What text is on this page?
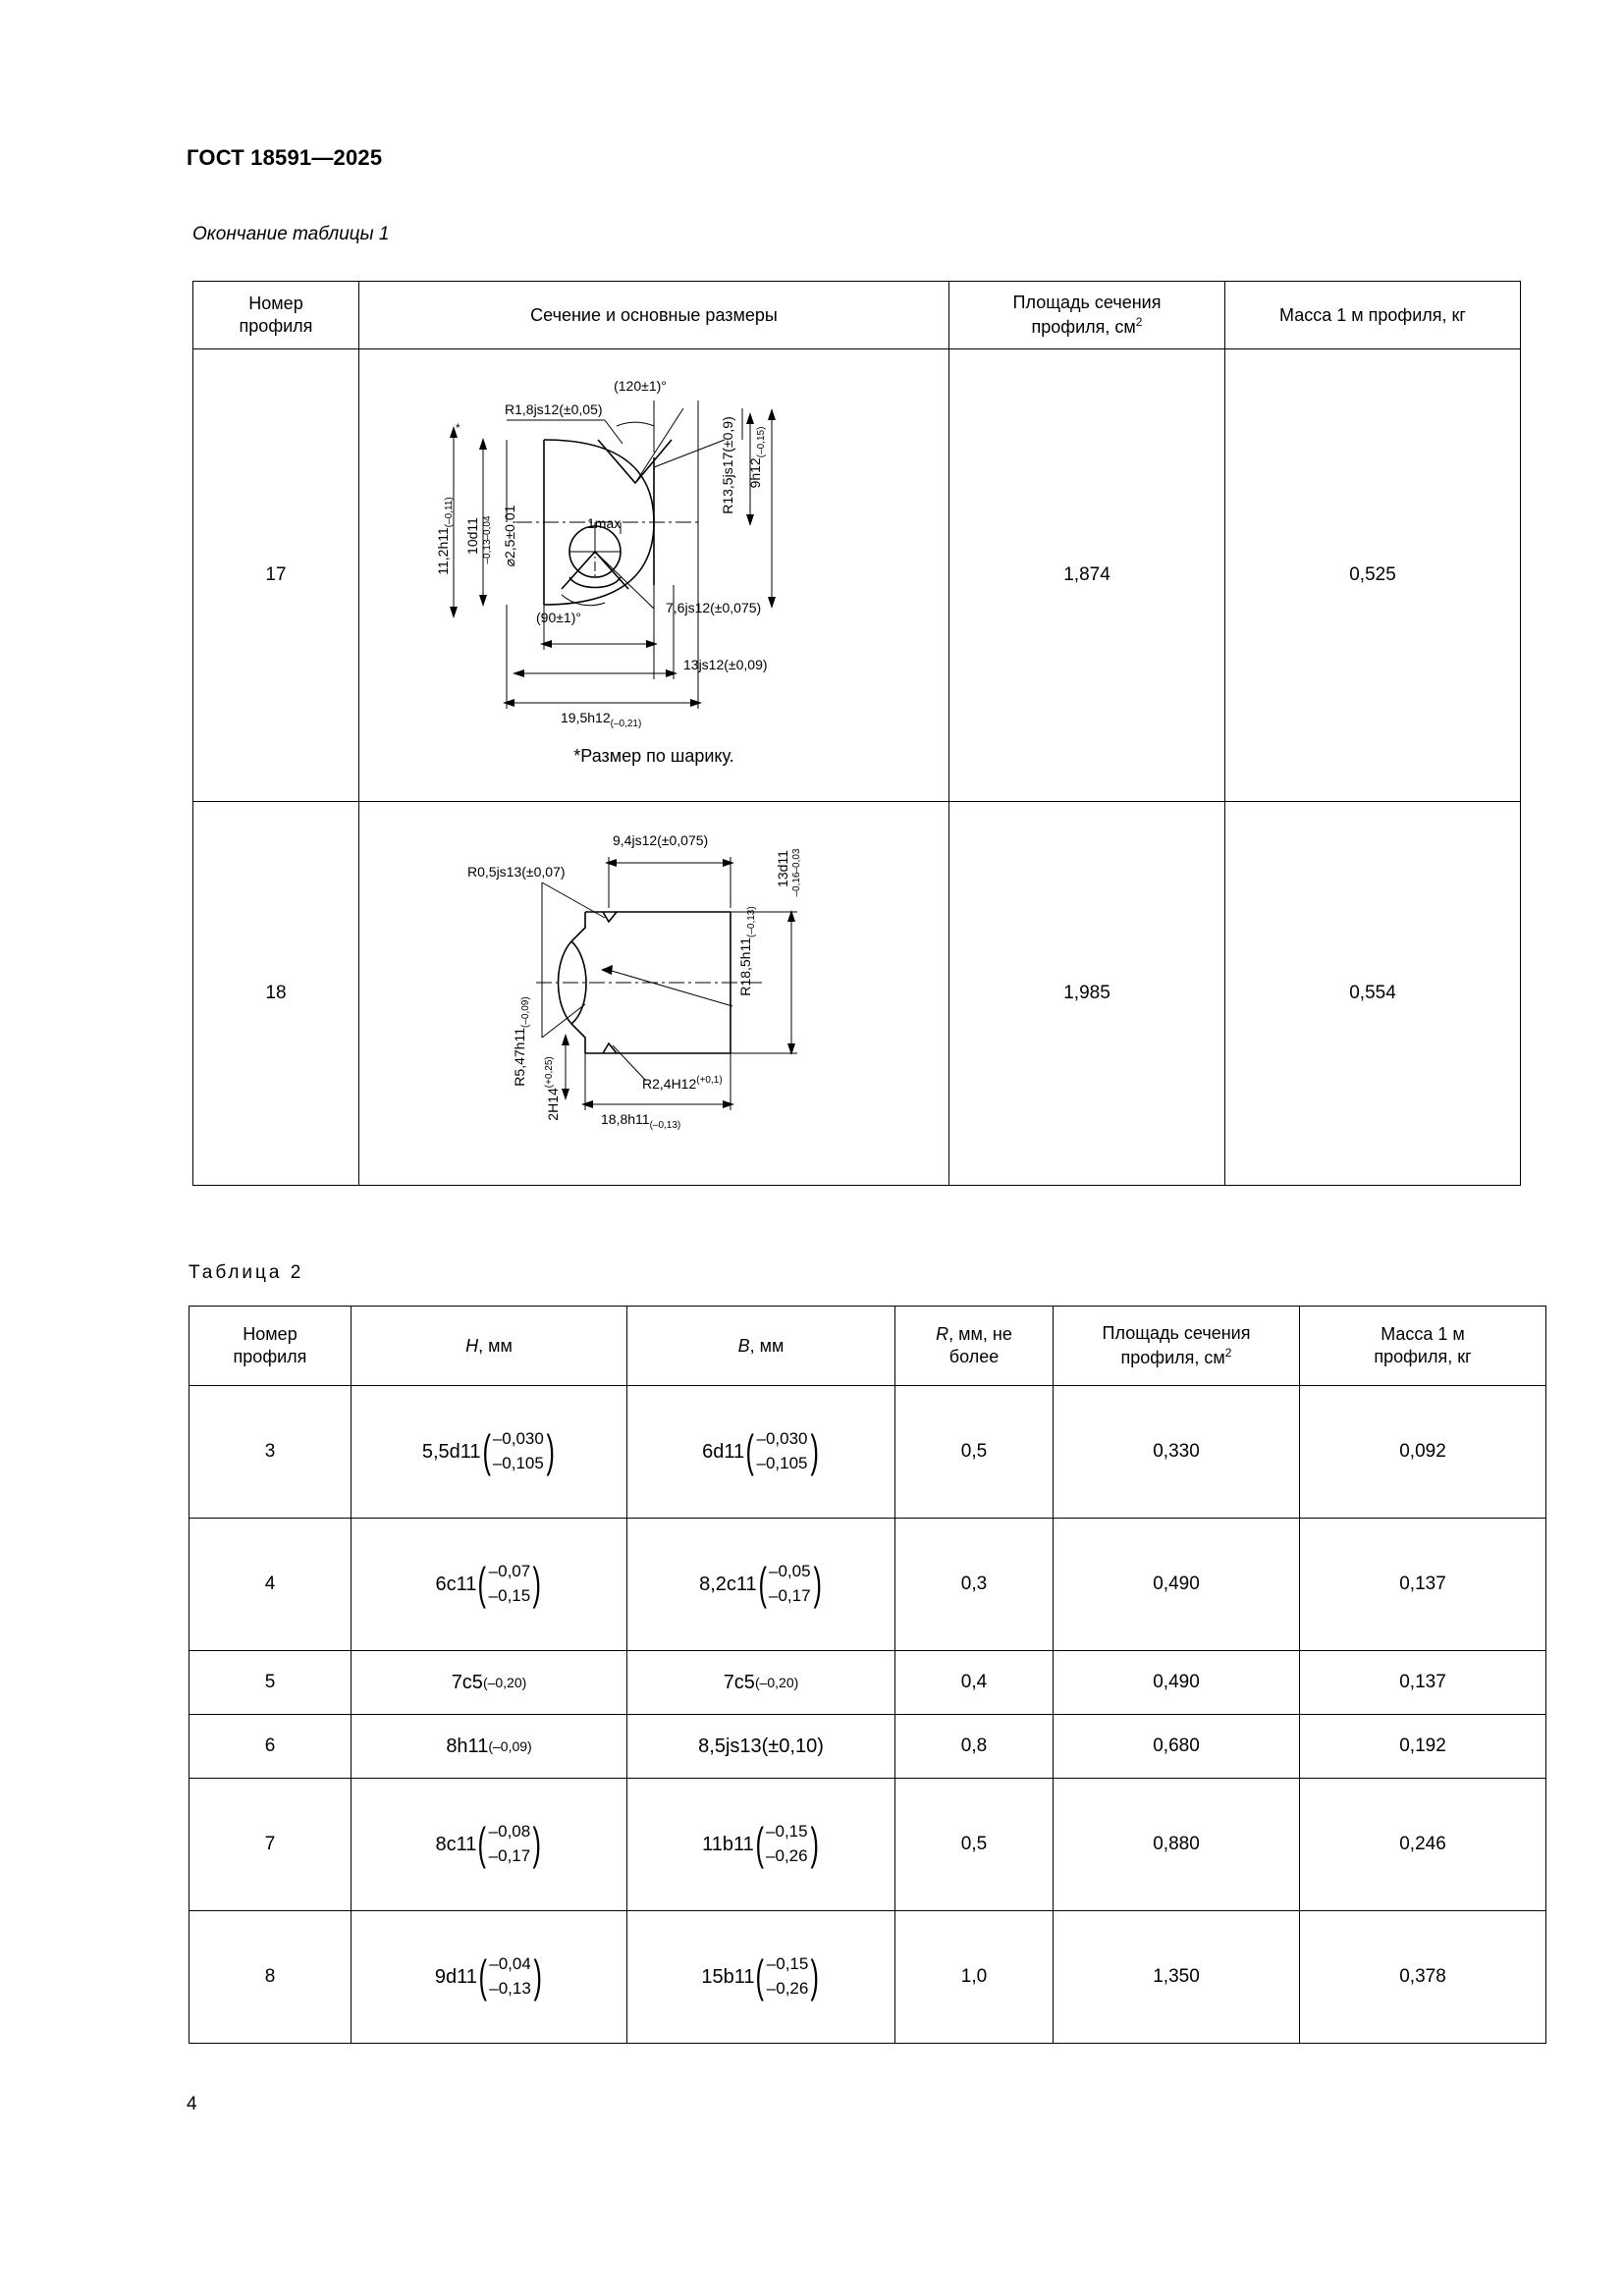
ГОСТ 18591—2025
Окончание таблицы 1
Номер
профиля	Сечение и основные размеры	Площадь сечения
профиля, $см^2$	Масса 1 м профиля, кг
17	
(120±1)°
R1,8js12(±0,05)
R13,5js17(±0,9) $9h12_{(-0,15)}$
$11,2h11_{(-0,11)}$
10d11 –0,04
–0,13
*
⌀2,5±0,01	1max
(90±1)°
7,6js12(±0,075)
13js12(±0,09)
$19,5h12_{(-0,21)}$
*Размер по шарику.
	1,874	0,525
18	
9,4js12(±0,075)
R0,5js13(±0,07)
$R18,5h11_{(-0,13)}$
13d11 –0,03
–0,16
$R5,47h11_{(-0,09)}$
$2H14^{(+0,25)}$	$R2,4H12^{(+0,1)}$
$18,8h11_{(-0,13)}$
	1,985	0,554
Таблица 2
Номер
профиля	H, мм	B, мм	R, мм, не
более	Площадь сечения
профиля, $см^2$	Масса 1 м
профиля, кг

3	5,5d11 ( –0,030
–0,105 )	6d11 ( –0,030
–0,105 )	0,5	0,330	0,092
4	6c11 ( –0,07
–0,15 )	8,2c11 ( –0,05
–0,17 )	0,3	0,490	0,137
5	7c5 (–0,20)	7c5 (–0,20)	0,4	0,490	0,137
6	8h11 (–0,09)	8,5js13(±0,10)	0,8	0,680	0,192
7	8c11 ( –0,08
–0,17 )	11b11 ( –0,15
–0,26 )	0,5	0,880	0,246
8	9d11 ( –0,04
–0,13 )	15b11 ( –0,15
–0,26 )	1,0	1,350	0,378
4
